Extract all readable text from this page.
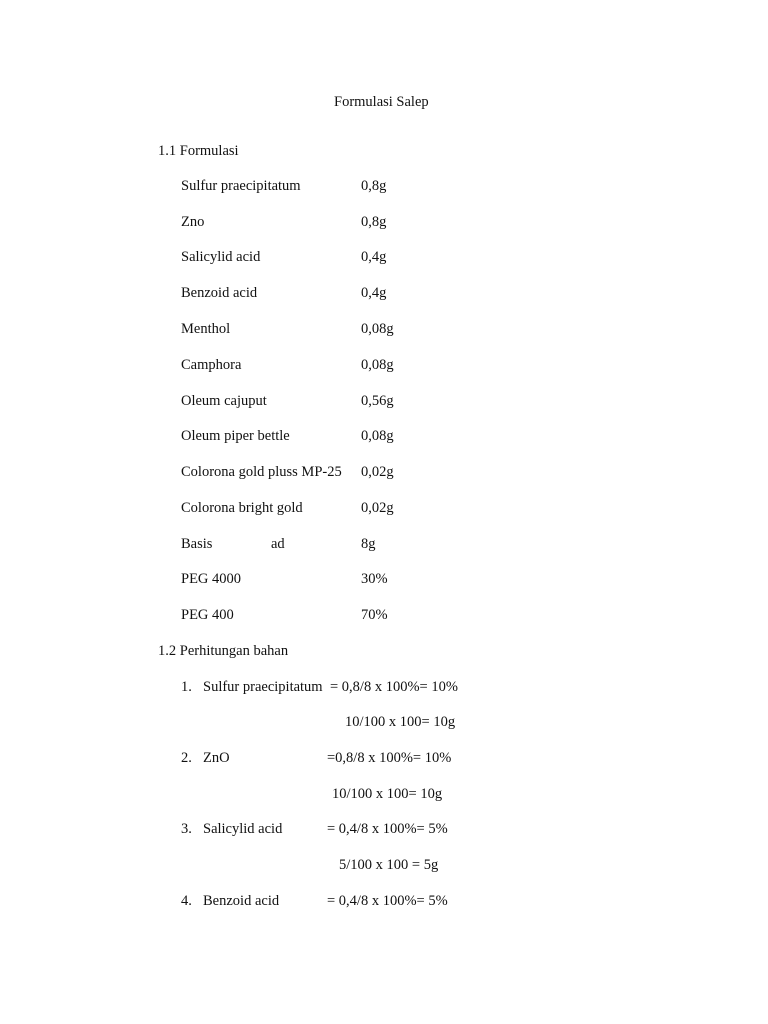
Formulasi Salep
1.1 Formulasi
Sulfur praecipitatum	0,8g
Zno	0,8g
Salicylid acid	0,4g
Benzoid acid	0,4g
Menthol	0,08g
Camphora	0,08g
Oleum cajuput	0,56g
Oleum piper bettle	0,08g
Colorona gold pluss MP-25 0,02g
Colorona bright gold	0,02g
Basis	ad	8g
PEG 4000	30%
PEG 400	70%
1.2 Perhitungan bahan
1. Sulfur praecipitatum = 0,8/8 x 100%= 10%
10/100 x 100= 10g
2. ZnO	=0,8/8 x 100%= 10%
10/100 x 100= 10g
3. Salicylid acid	= 0,4/8 x 100%= 5%
5/100 x 100 = 5g
4. Benzoid acid	= 0,4/8 x 100%= 5%
